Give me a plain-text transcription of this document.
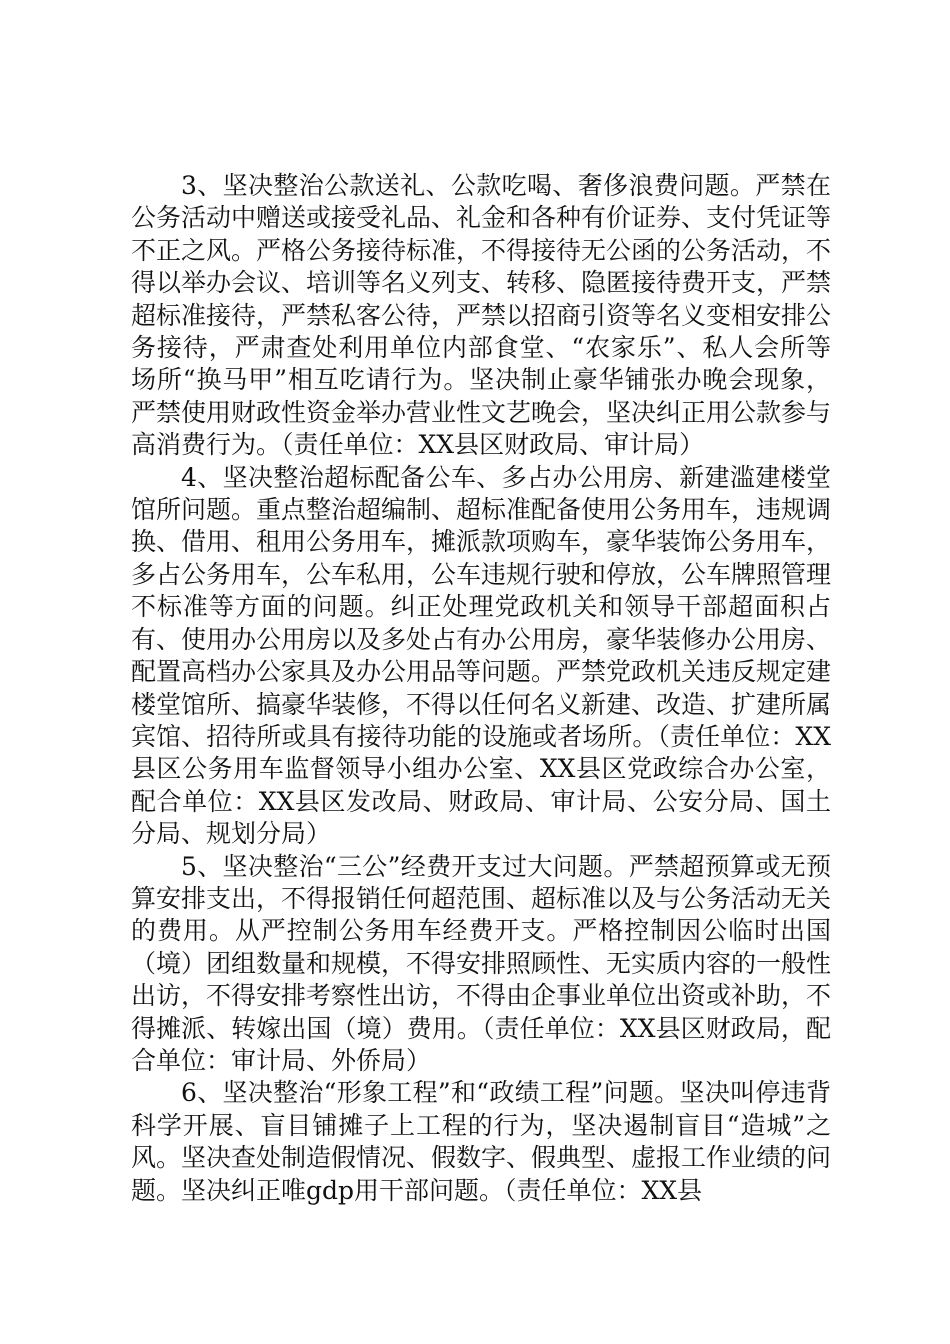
3、坚决整治公款送礼、公款吃喝、奢侈浪费问题。严禁在公务活动中赠送或接受礼品、礼金和各种有价证券、支付凭证等不正之风。严格公务接待标准，不得接待无公函的公务活动，不得以举办会议、培训等名义列支、转移、隐匿接待费开支，严禁超标准接待，严禁私客公待，严禁以招商引资等名义变相安排公务接待，严肃查处利用单位内部食堂、“农家乐”、私人会所等场所“换马甲”相互吃请行为。坚决制止豪华铺张办晚会现象，严禁使用财政性资金举办营业性文艺晚会，坚决纠正用公款参与高消费行为。（责任单位：XX县区财政局、审计局）

4、坚决整治超标配备公车、多占办公用房、新建滥建楼堂馆所问题。重点整治超编制、超标准配备使用公务用车，违规调换、借用、租用公务用车，摊派款项购车，豪华装饰公务用车，多占公务用车，公车私用，公车违规行驶和停放，公车牌照管理不标准等方面的问题。纠正处理党政机关和领导干部超面积占有、使用办公用房以及多处占有办公用房，豪华装修办公用房、配置高档办公家具及办公用品等问题。严禁党政机关违反规定建楼堂馆所、搞豪华装修，不得以任何名义新建、改造、扩建所属宾馆、招待所或具有接待功能的设施或者场所。（责任单位：XX县区公务用车监督领导小组办公室、XX县区党政综合办公室，配合单位：XX县区发改局、财政局、审计局、公安分局、国土分局、规划分局）

5、坚决整治“三公”经费开支过大问题。严禁超预算或无预算安排支出，不得报销任何超范围、超标准以及与公务活动无关的费用。从严控制公务用车经费开支。严格控制因公临时出国（境）团组数量和规模，不得安排照顾性、无实质内容的一般性出访，不得安排考察性出访，不得由企事业单位出资或补助，不得摊派、转嫁出国（境）费用。（责任单位：XX县区财政局，配合单位：审计局、外侨局）

6、坚决整治“形象工程”和“政绩工程”问题。坚决叫停违背科学开展、盲目铺摊子上工程的行为，坚决遏制盲目“造城”之风。坚决查处制造假情况、假数字、假典型、虚报工作业绩的问题。坚决纠正唯gdp用干部问题。（责任单位：XX县
